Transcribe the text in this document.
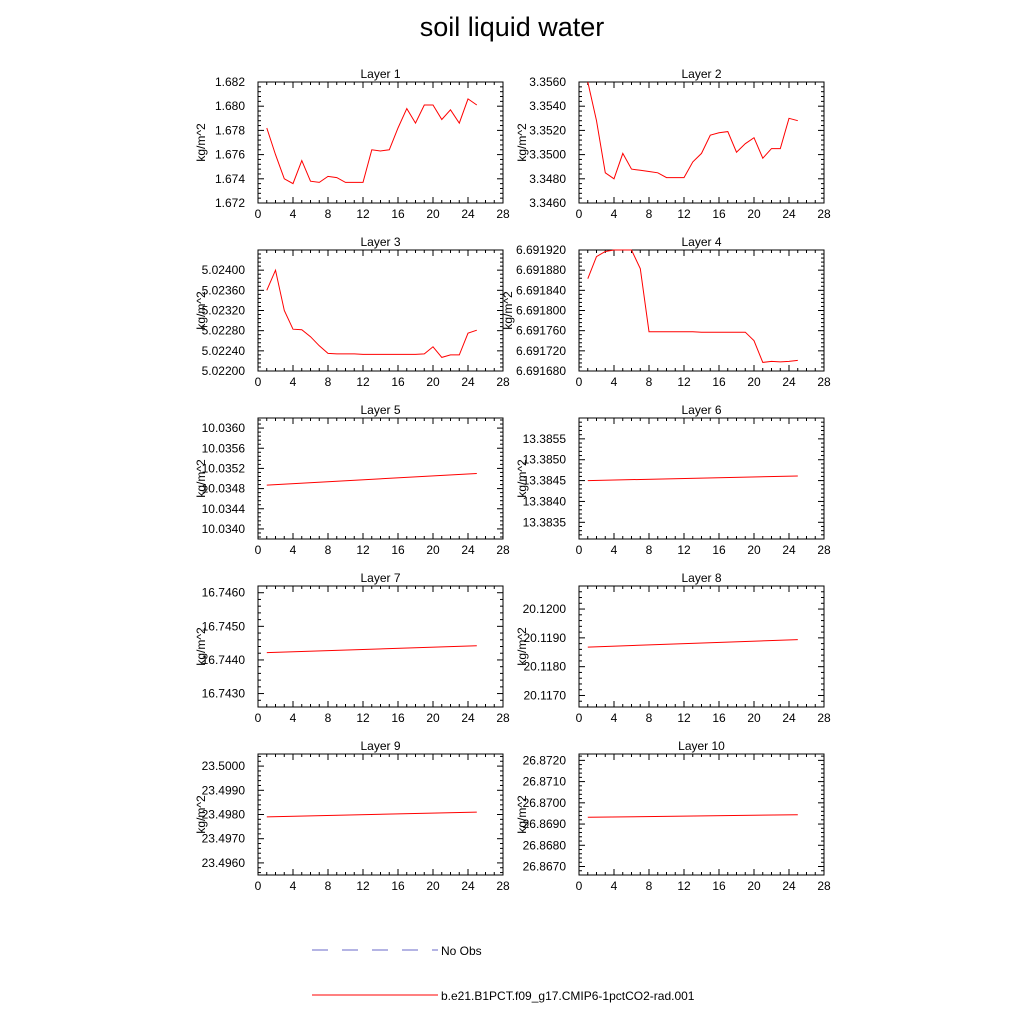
soil liquid water
Layer 1
0 4 8 12 16 20 24 28
1.672
1.674
1.676
1.678
1.680
1.682
kg/m^2
Layer 2
0 4 8 12 16 20 24 28
3.3460
3.3480
3.3500
3.3520
3.3540
3.3560
kg/m^2
Layer 3
0 4 8 12 16 20 24 28
5.02200
5.02240
5.02280
5.02320
5.02360
5.02400
kg/m^2
Layer 4
0 4 8 12 16 20 24 28
6.691680
6.691720
6.691760
6.691800
6.691840
6.691880
6.691920
kg/m^2
Layer 5
0 4 8 12 16 20 24 28
10.0340
10.0344
10.0348
10.0352
10.0356
10.0360
kg/m^2
Layer 6
0 4 8 12 16 20 24 28
13.3835
13.3840
13.3845
13.3850
13.3855
kg/m^2
Layer 7
0 4 8 12 16 20 24 28
16.7430
16.7440
16.7450
16.7460
kg/m^2
Layer 8
0 4 8 12 16 20 24 28
20.1170
20.1180
20.1190
20.1200
kg/m^2
Layer 9
0 4 8 12 16 20 24 28
23.4960
23.4970
23.4980
23.4990
23.5000
kg/m^2
Layer 10
0 4 8 12 16 20 24 28
26.8670
26.8680
26.8690
26.8700
26.8710
26.8720
kg/m^2
No Obs
b.e21.B1PCT.f09_g17.CMIP6-1pctCO2-rad.001
